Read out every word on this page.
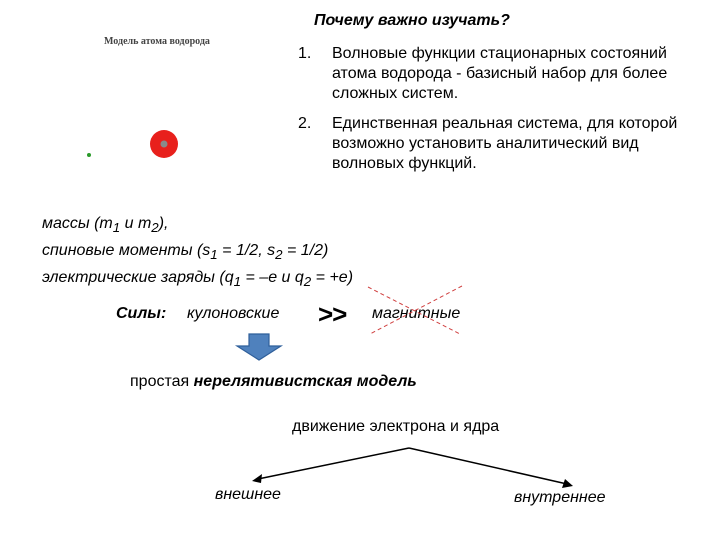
Почему важно изучать?
Модель атома водорода
1. Волновые функции стационарных состояний атома водорода - базисный набор для более сложных систем.
2. Единственная реальная система, для которой возможно установить аналитический вид волновых функций.
массы ($m_1$ и $m_2$),
спиновые моменты ($s_1 = 1/2$, $s_2 = 1/2$)
электрические заряды ($q_1 = -e$ и $q_2 = +e$)
Силы: кулоновские >> магнитные
простая нерелятивистская модель
движение электрона и ядра
внешнее	внутреннее
